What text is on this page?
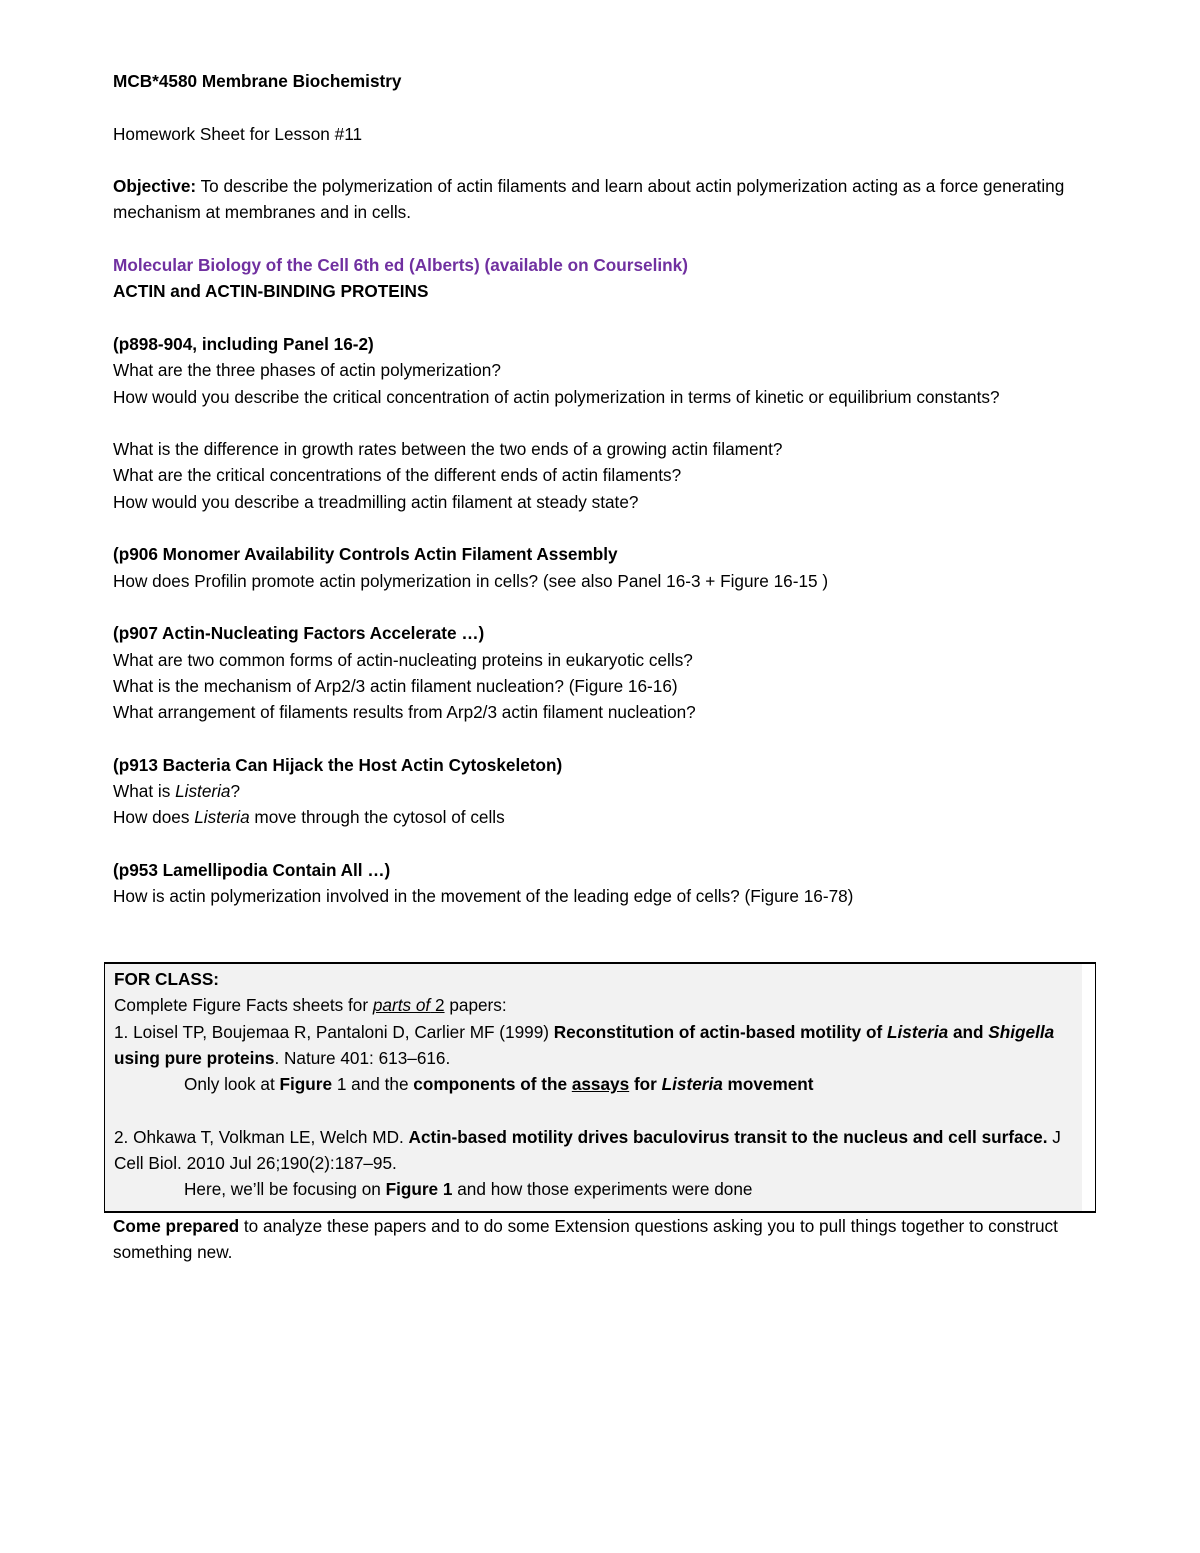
MCB*4580 Membrane Biochemistry

Homework Sheet for Lesson #11

Objective: To describe the polymerization of actin filaments and learn about actin polymerization acting as a force generating mechanism at membranes and in cells.

Molecular Biology of the Cell 6th ed (Alberts) (available on Courselink)

ACTIN and ACTIN-BINDING PROTEINS

(p898-904, including Panel 16-2)

What are the three phases of actin polymerization?

How would you describe the critical concentration of actin polymerization in terms of kinetic or equilibrium constants?

What is the difference in growth rates between the two ends of a growing actin filament?

What are the critical concentrations of the different ends of actin filaments?

How would you describe a treadmilling actin filament at steady state?

(p906 Monomer Availability Controls Actin Filament Assembly

How does Profilin promote actin polymerization in cells? (see also Panel 16-3 + Figure 16-15 )

(p907 Actin-Nucleating Factors Accelerate …)

What are two common forms of actin-nucleating proteins in eukaryotic cells?

What is the mechanism of Arp2/3 actin filament nucleation? (Figure 16-16)

What arrangement of filaments results from Arp2/3 actin filament nucleation?

(p913 Bacteria Can Hijack the Host Actin Cytoskeleton)

What is Listeria?

How does Listeria move through the cytosol of cells

(p953 Lamellipodia Contain All …)

How is actin polymerization involved in the movement of the leading edge of cells? (Figure 16-78)

FOR CLASS:

Complete Figure Facts sheets for parts of 2 papers:

1. Loisel TP, Boujemaa R, Pantaloni D, Carlier MF (1999) Reconstitution of actin-based motility of Listeria and Shigella using pure proteins. Nature 401: 613–616.

Only look at Figure 1 and the components of the assays for Listeria movement

2. Ohkawa T, Volkman LE, Welch MD. Actin-based motility drives baculovirus transit to the nucleus and cell surface. J Cell Biol. 2010 Jul 26;190(2):187–95.

Here, we’ll be focusing on Figure 1 and how those experiments were done

Come prepared to analyze these papers and to do some Extension questions asking you to pull things together to construct something new.
